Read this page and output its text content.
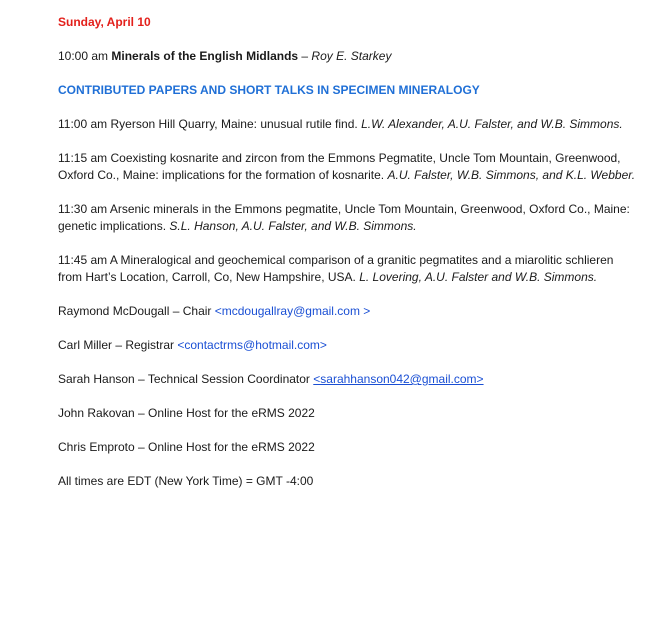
Sunday, April 10

10:00 am Minerals of the English Midlands – Roy E. Starkey

CONTRIBUTED PAPERS AND SHORT TALKS IN SPECIMEN MINERALOGY

11:00 am Ryerson Hill Quarry, Maine: unusual rutile find. L.W. Alexander, A.U. Falster, and W.B. Simmons.

11:15 am Coexisting kosnarite and zircon from the Emmons Pegmatite, Uncle Tom Mountain, Greenwood, Oxford Co., Maine: implications for the formation of kosnarite. A.U. Falster, W.B. Simmons, and K.L. Webber.

11:30 am Arsenic minerals in the Emmons pegmatite, Uncle Tom Mountain, Greenwood, Oxford Co., Maine: genetic implications. S.L. Hanson, A.U. Falster, and W.B. Simmons.

11:45 am A Mineralogical and geochemical comparison of a granitic pegmatites and a miarolitic schlieren from Hart’s Location, Carroll, Co, New Hampshire, USA. L. Lovering, A.U. Falster and W.B. Simmons.

Raymond McDougall – Chair <mcdougallray@gmail.com >

Carl Miller – Registrar <contactrms@hotmail.com>

Sarah Hanson – Technical Session Coordinator <sarahhanson042@gmail.com>

John Rakovan – Online Host for the eRMS 2022

Chris Emproto – Online Host for the eRMS 2022

All times are EDT (New York Time) = GMT -4:00
